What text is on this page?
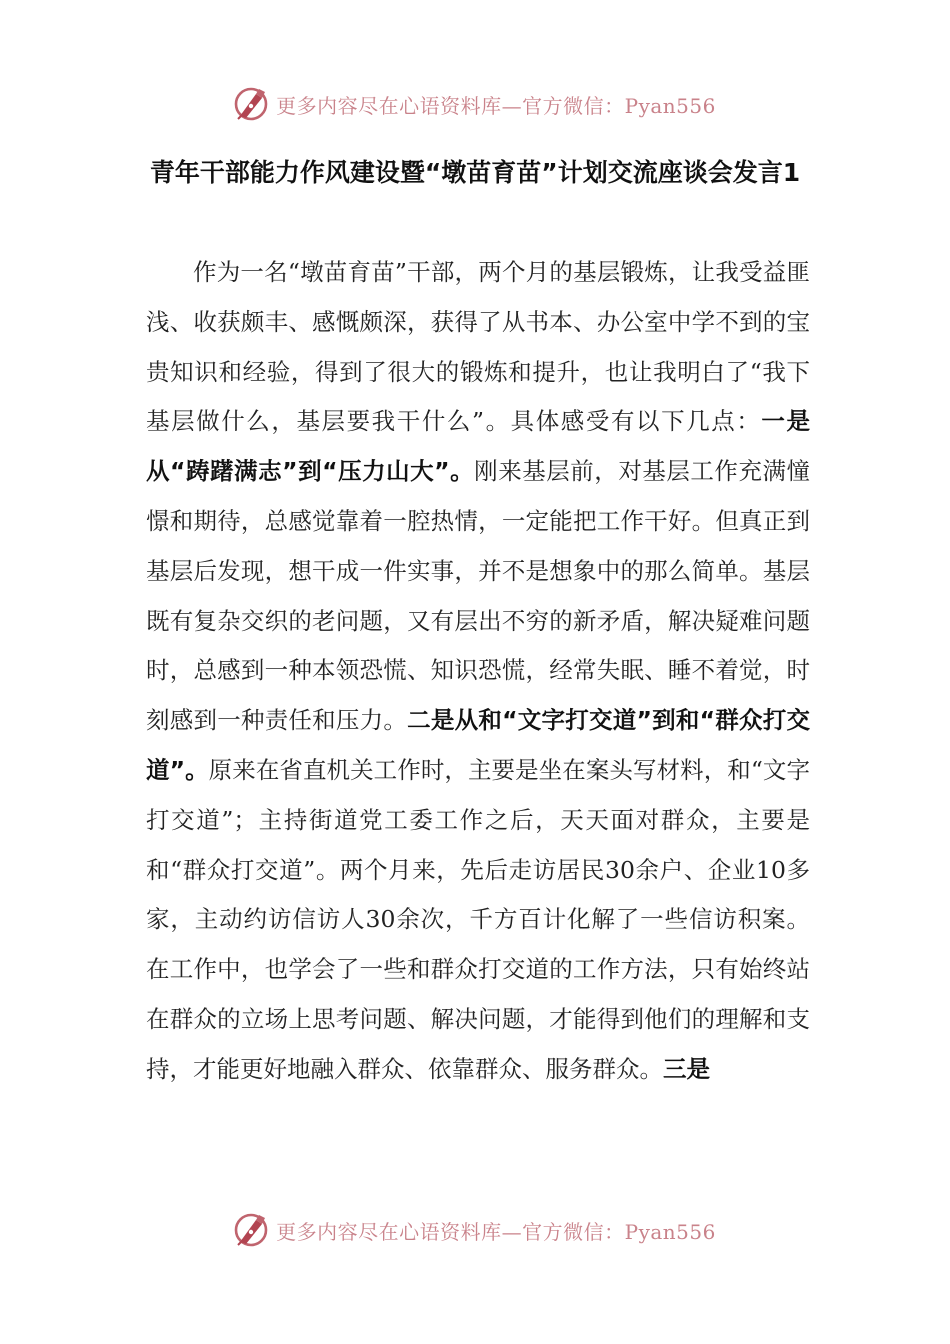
更多内容尽在心语资料库—官方微信：Pyan556
青年干部能力作风建设暨“墩苗育苗”计划交流座谈会发言1

作为一名“墩苗育苗”干部，两个月的基层锻炼，让我受益匪浅、收获颇丰、感慨颇深，获得了从书本、办公室中学不到的宝贵知识和经验，得到了很大的锻炼和提升，也让我明白了“我下基层做什么，基层要我干什么”。具体感受有以下几点：一是从“踌躇满志”到“压力山大”。刚来基层前，对基层工作充满憧憬和期待，总感觉靠着一腔热情，一定能把工作干好。但真正到基层后发现，想干成一件实事，并不是想象中的那么简单。基层既有复杂交织的老问题，又有层出不穷的新矛盾，解决疑难问题时，总感到一种本领恐慌、知识恐慌，经常失眠、睡不着觉，时刻感到一种责任和压力。二是从和“文字打交道”到和“群众打交道”。原来在省直机关工作时，主要是坐在案头写材料，和“文字打交道”；主持街道党工委工作之后，天天面对群众，主要是和“群众打交道”。两个月来，先后走访居民30余户、企业10多家，主动约访信访人30余次，千方百计化解了一些信访积案。在工作中，也学会了一些和群众打交道的工作方法，只有始终站在群众的立场上思考问题、解决问题，才能得到他们的理解和支持，才能更好地融入群众、依靠群众、服务群众。三是

更多内容尽在心语资料库—官方微信：Pyan556
